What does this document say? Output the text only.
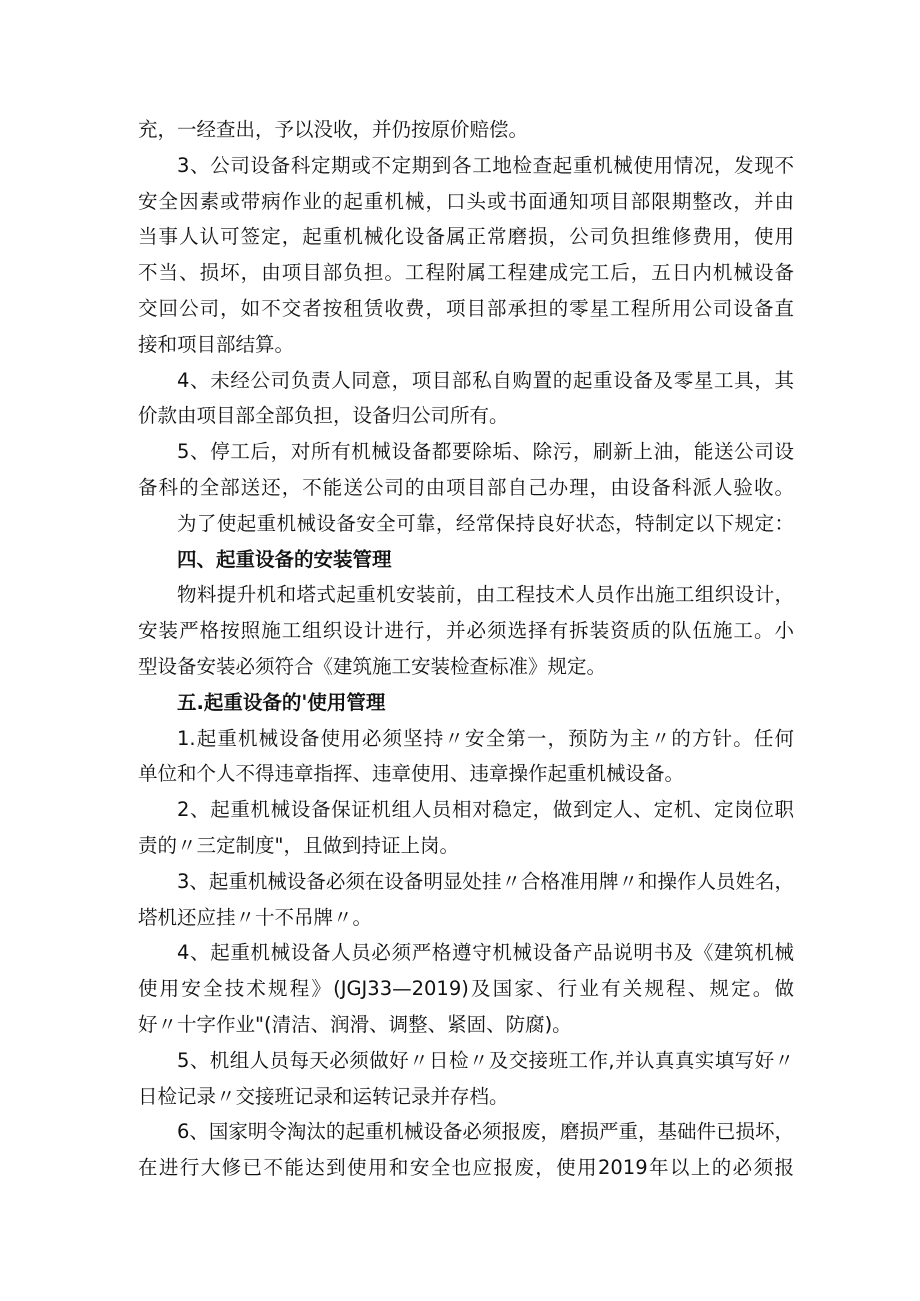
充，一经查出，予以没收，并仍按原价赔偿。
3、公司设备科定期或不定期到各工地检查起重机械使用情况，发现不
安全因素或带病作业的起重机械，口头或书面通知项目部限期整改，并由
当事人认可签定，起重机械化设备属正常磨损，公司负担维修费用，使用
不当、损坏，由项目部负担。工程附属工程建成完工后，五日内机械设备
交回公司，如不交者按租赁收费，项目部承担的零星工程所用公司设备直
接和项目部结算。
4、未经公司负责人同意，项目部私自购置的起重设备及零星工具，其
价款由项目部全部负担，设备归公司所有。
5、停工后，对所有机械设备都要除垢、除污，刷新上油，能送公司设
备科的全部送还，不能送公司的由项目部自己办理，由设备科派人验收。
为了使起重机械设备安全可靠，经常保持良好状态，特制定以下规定：
四、起重设备的安装管理
物料提升机和塔式起重机安装前，由工程技术人员作出施工组织设计，
安装严格按照施工组织设计进行，并必须选择有拆装资质的队伍施工。小
型设备安装必须符合《建筑施工安装检查标准》规定。
五.起重设备的'使用管理
1.起重机械设备使用必须坚持〃安全第一，预防为主〃的方针。任何
单位和个人不得违章指挥、违章使用、违章操作起重机械设备。
2、起重机械设备保证机组人员相对稳定，做到定人、定机、定岗位职
责的〃三定制度"，且做到持证上岗。
3、起重机械设备必须在设备明显处挂〃合格准用牌〃和操作人员姓名，
塔机还应挂〃十不吊牌〃。
4、起重机械设备人员必须严格遵守机械设备产品说明书及《建筑机械
使用安全技术规程》(JGJ33—2019)及国家、行业有关规程、规定。做
好〃十字作业"(清洁、润滑、调整、紧固、防腐)。
5、机组人员每天必须做好〃日检〃及交接班工作,并认真真实填写好〃
日检记录〃交接班记录和运转记录并存档。
6、国家明令淘汰的起重机械设备必须报废，磨损严重，基础件已损坏，
在进行大修已不能达到使用和安全也应报废，使用2019年以上的必须报
